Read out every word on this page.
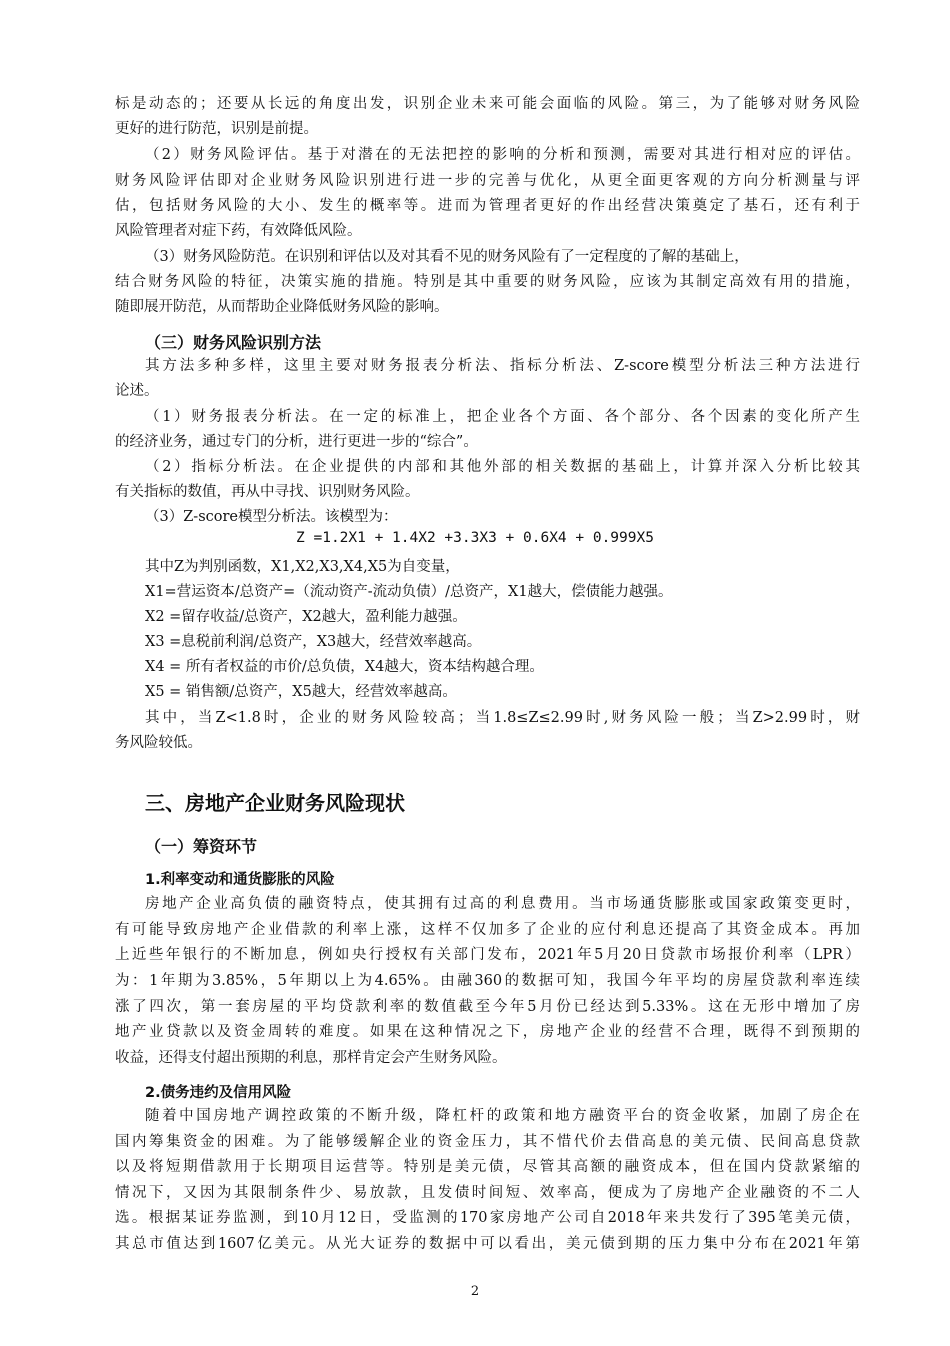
标是动态的；还要从长远的角度出发，识别企业未来可能会面临的风险。第三，为了能够对财务风险
更好的进行防范，识别是前提。
（2）财务风险评估。基于对潜在的无法把控的影响的分析和预测，需要对其进行相对应的评估。
财务风险评估即对企业财务风险识别进行进一步的完善与优化，从更全面更客观的方向分析测量与评
估，包括财务风险的大小、发生的概率等。进而为管理者更好的作出经营决策奠定了基石，还有利于
风险管理者对症下药，有效降低风险。
（3）财务风险防范。在识别和评估以及对其看不见的财务风险有了一定程度的了解的基础上，
结合财务风险的特征，决策实施的措施。特别是其中重要的财务风险，应该为其制定高效有用的措施，
随即展开防范，从而帮助企业降低财务风险的影响。
（三）财务风险识别方法
其方法多种多样，这里主要对财务报表分析法、指标分析法、Z-score模型分析法三种方法进行
论述。
（1）财务报表分析法。在一定的标准上，把企业各个方面、各个部分、各个因素的变化所产生
的经济业务，通过专门的分析，进行更进一步的“综合”。
（2）指标分析法。在企业提供的内部和其他外部的相关数据的基础上，计算并深入分析比较其
有关指标的数值，再从中寻找、识别财务风险。
（3）Z-score模型分析法。该模型为：
Z =1.2X1 + 1.4X2 +3.3X3 + 0.6X4 + 0.999X5
其中Z为判别函数，X1,X2,X3,X4,X5为自变量，
X1=营运资本/总资产=（流动资产-流动负债）/总资产，X1越大，偿债能力越强。
X2 =留存收益/总资产，X2越大，盈利能力越强。
X3 =息税前利润/总资产，X3越大，经营效率越高。
X4 = 所有者权益的市价/总负债，X4越大，资本结构越合理。
X5 = 销售额/总资产，X5越大，经营效率越高。
其中，当Z<1.8时，企业的财务风险较高；当1.8≤Z≤2.99时,财务风险一般；当Z>2.99时，财
务风险较低。
三、房地产企业财务风险现状
（一）筹资环节
1.利率变动和通货膨胀的风险
房地产企业高负债的融资特点，使其拥有过高的利息费用。当市场通货膨胀或国家政策变更时，
有可能导致房地产企业借款的利率上涨，这样不仅加多了企业的应付利息还提高了其资金成本。再加
上近些年银行的不断加息，例如央行授权有关部门发布，2021年5月20日贷款市场报价利率（LPR）
为：1年期为3.85%，5年期以上为4.65%。由融360的数据可知，我国今年平均的房屋贷款利率连续
涨了四次，第一套房屋的平均贷款利率的数值截至今年5月份已经达到5.33%。这在无形中增加了房
地产业贷款以及资金周转的难度。如果在这种情况之下，房地产企业的经营不合理，既得不到预期的
收益，还得支付超出预期的利息，那样肯定会产生财务风险。
2.债务违约及信用风险
随着中国房地产调控政策的不断升级，降杠杆的政策和地方融资平台的资金收紧，加剧了房企在
国内筹集资金的困难。为了能够缓解企业的资金压力，其不惜代价去借高息的美元债、民间高息贷款
以及将短期借款用于长期项目运营等。特别是美元债，尽管其高额的融资成本，但在国内贷款紧缩的
情况下，又因为其限制条件少、易放款，且发债时间短、效率高，便成为了房地产企业融资的不二人
选。根据某证券监测，到10月12日，受监测的170家房地产公司自2018年来共发行了395笔美元债，
其总市值达到1607亿美元。从光大证券的数据中可以看出，美元债到期的压力集中分布在2021年第
2
